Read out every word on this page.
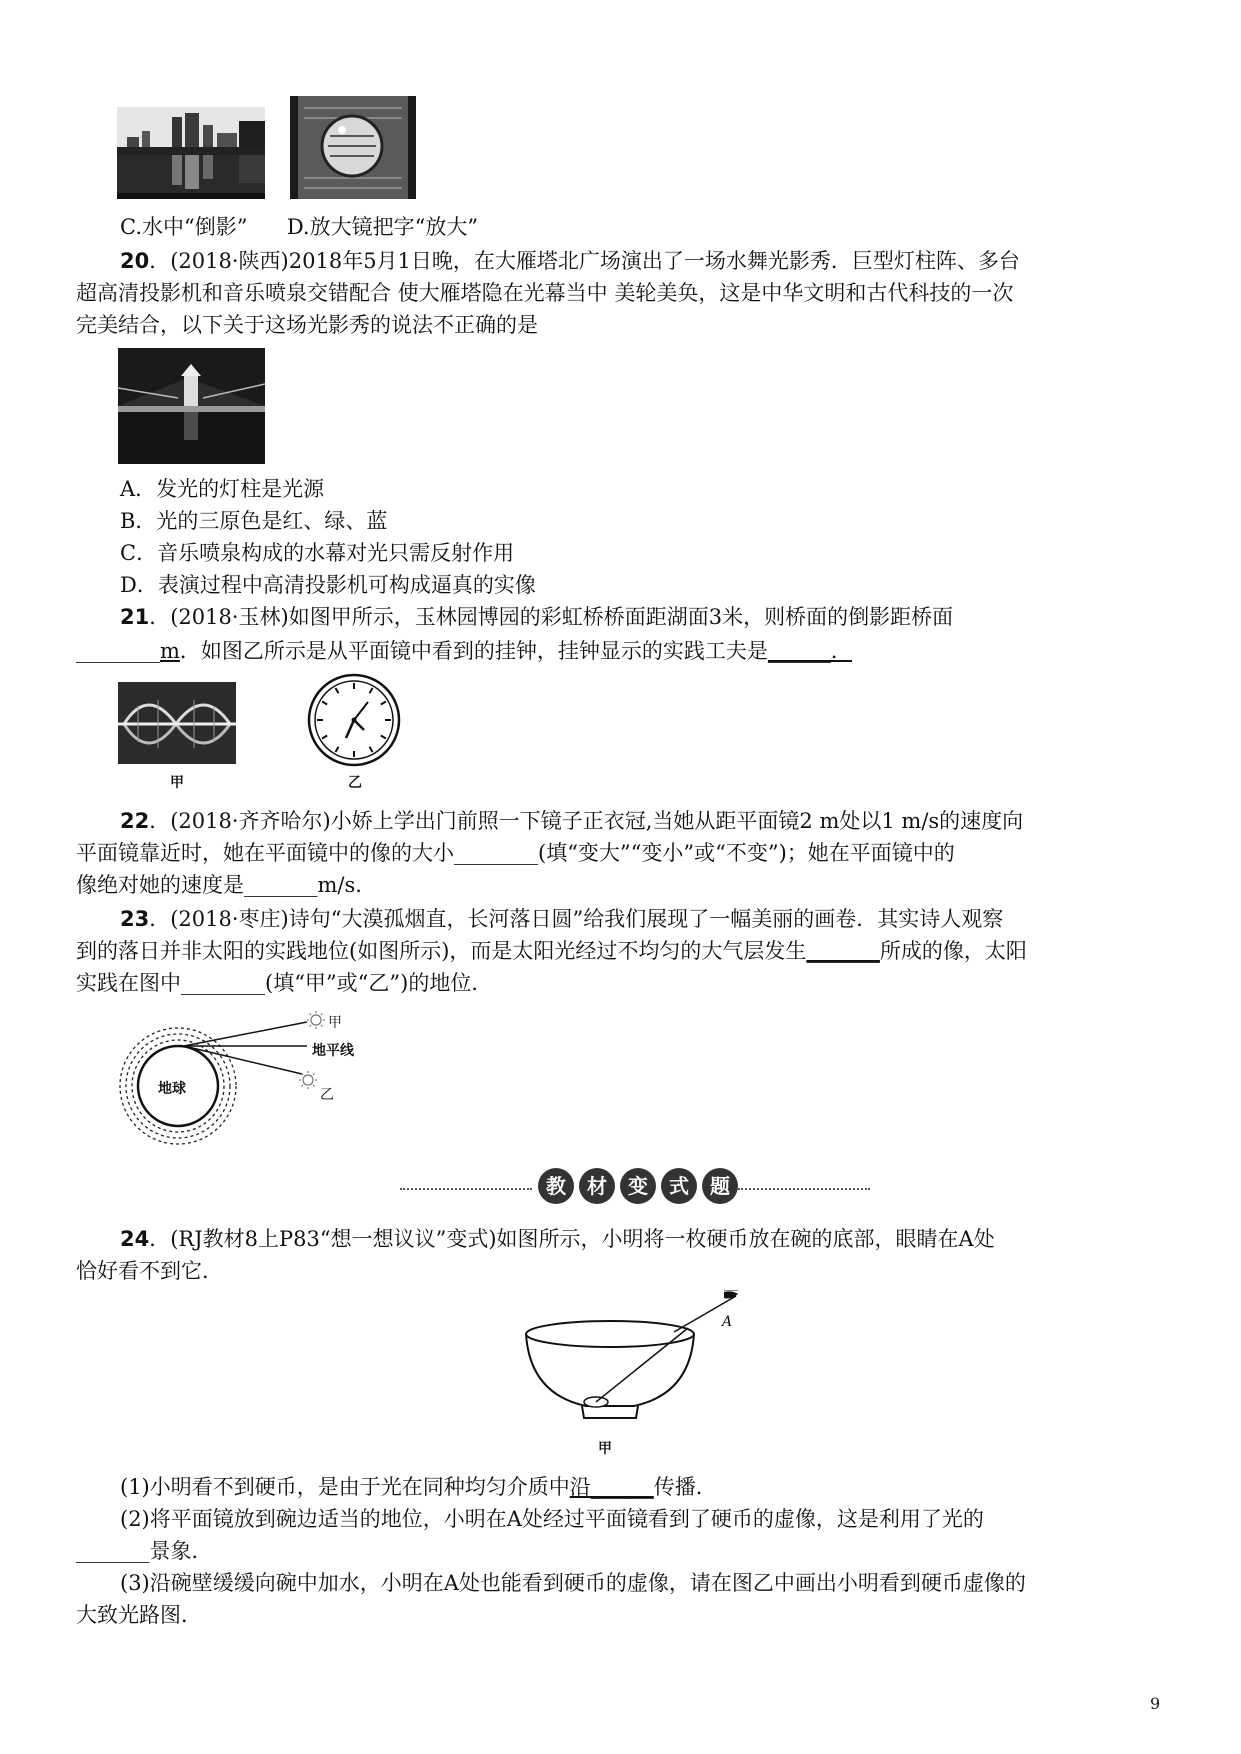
C.水中“倒影” D.放大镜把字“放大”
20．(2018·陕西)2018年5月1日晚，在大雁塔北广场演出了一场水舞光影秀．巨型灯柱阵、多台
超高清投影机和音乐喷泉交错配合 使大雁塔隐在光幕当中 美轮美奂，这是中华文明和古代科技的一次
完美结合，以下关于这场光影秀的说法不正确的是
A．发光的灯柱是光源
B．光的三原色是红、绿、蓝
C．音乐喷泉构成的水幕对光只需反射作用
D．表演过程中高清投影机可构成逼真的实像
21．(2018·玉林)如图甲所示，玉林园博园的彩虹桥桥面距湖面3米，则桥面的倒影距桥面
________m．如图乙所示是从平面镜中看到的挂钟，挂钟显示的实践工夫是______．
甲	乙
22．(2018·齐齐哈尔)小娇上学出门前照一下镜子正衣冠,当她从距平面镜2 m处以1 m/s的速度向
平面镜靠近时，她在平面镜中的像的大小________(填“变大”“变小”或“不变”)；她在平面镜中的
像绝对她的速度是_______m/s.
23．(2018·枣庄)诗句“大漠孤烟直，长河落日圆”给我们展现了一幅美丽的画卷．其实诗人观察
到的落日并非太阳的实践地位(如图所示)，而是太阳光经过不均匀的大气层发生_______所成的像，太阳
实践在图中________(填“甲”或“乙”)的地位．
地球
地平线
甲
乙
教	材	变	式	题
24．(RJ教材8上P83“想一想议议”变式)如图所示，小明将一枚硬币放在碗的底部，眼睛在A处
恰好看不到它．
A
甲
(1)小明看不到硬币，是由于光在同种均匀介质中沿______传播．
(2)将平面镜放到碗边适当的地位，小明在A处经过平面镜看到了硬币的虚像，这是利用了光的
_______景象．
(3)沿碗壁缓缓向碗中加水，小明在A处也能看到硬币的虚像，请在图乙中画出小明看到硬币虚像的
大致光路图．
9
